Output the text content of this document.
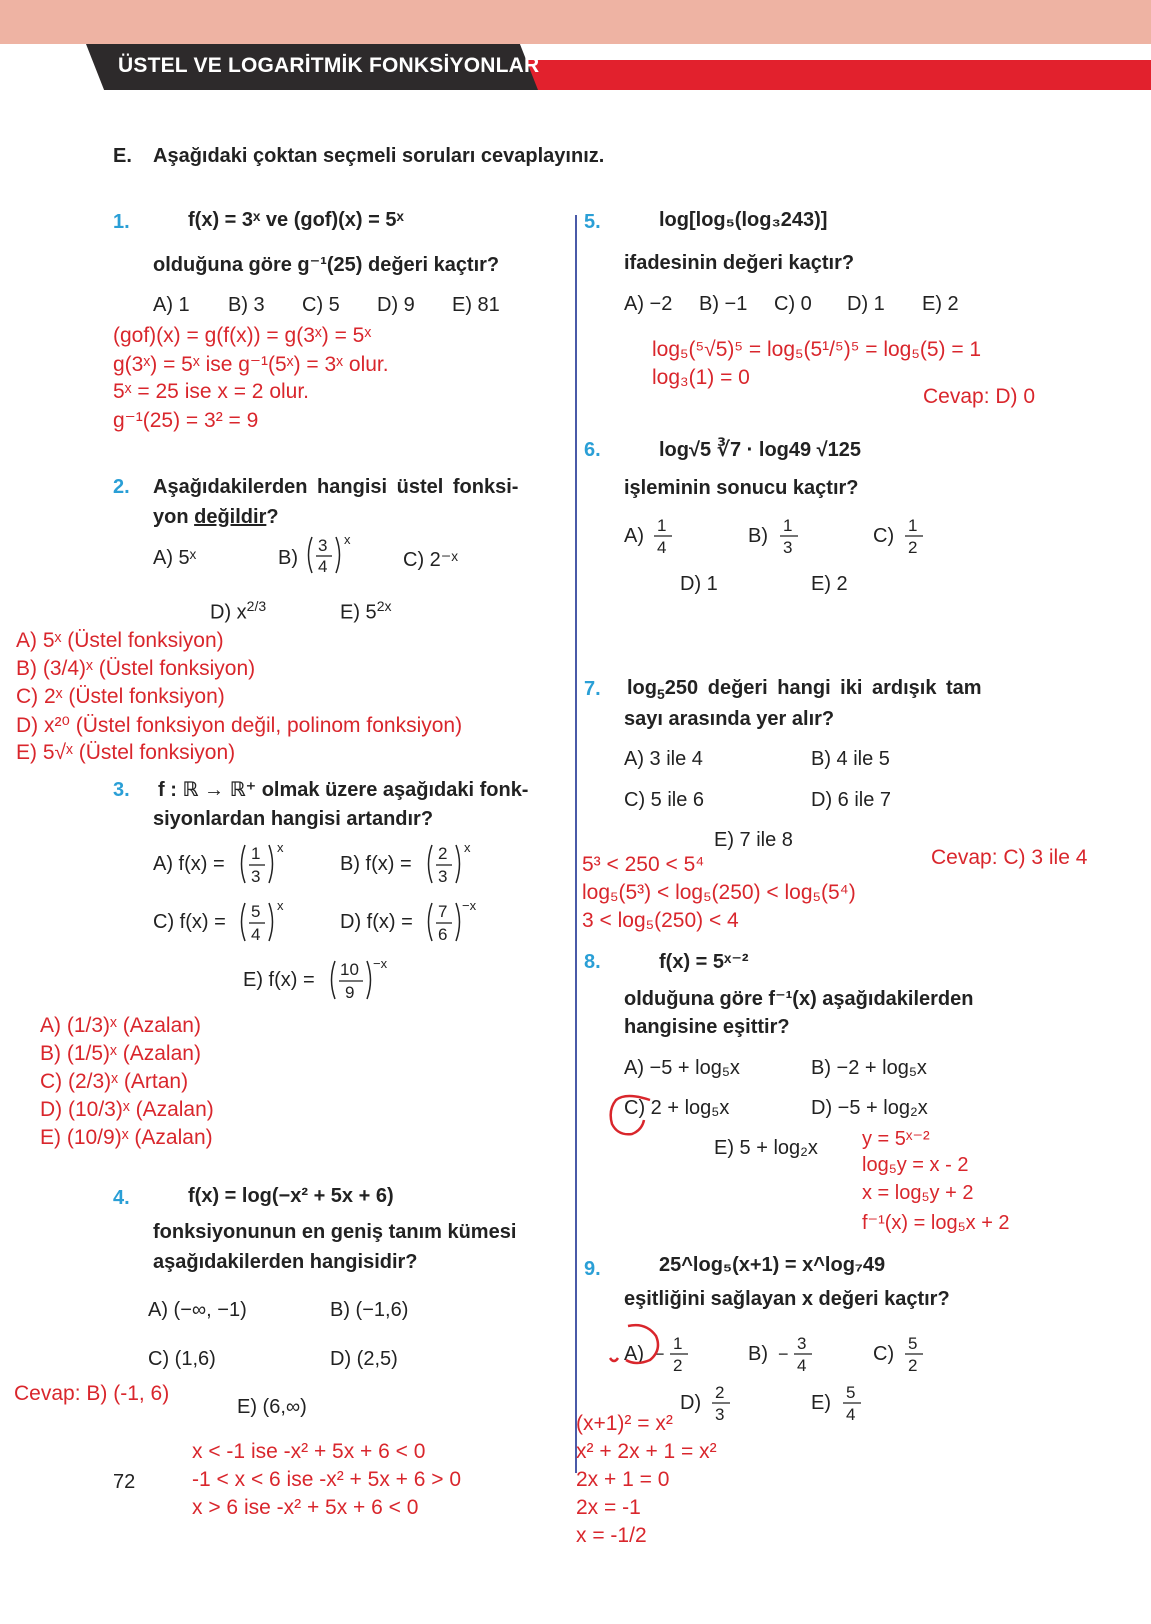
ÜSTEL VE LOGARİTMİK FONKSİYONLAR
E. Aşağıdaki çoktan seçmeli soruları cevaplayınız.
1.	f(x) = 3ˣ ve (gof)(x) = 5ˣ
olduğuna göre g⁻¹(25) değeri kaçtır?
A) 1 B) 3 C) 5 D) 9 E) 81
(gof)(x) = g(f(x)) = g(3ˣ) = 5ˣ
g(3ˣ) = 5ˣ ise g⁻¹(5ˣ) = 3ˣ olur.
5ˣ = 25 ise x = 2 olur.
g⁻¹(25) = 3² = 9
2. Aşağıdakilerden hangisi üstel fonksi-
yon değildir?
A) 5ˣ	B)
3
4
x
C) 2⁻ˣ
D) $x^{2/3}$	E) $5^{2x}$
A) 5ˣ (Üstel fonksiyon)
B) (3/4)ˣ (Üstel fonksiyon)
C) 2ˣ (Üstel fonksiyon)
D) x²⁰ (Üstel fonksiyon değil, polinom fonksiyon)
E) 5√ˣ (Üstel fonksiyon)
3. f : ℝ → ℝ⁺ olmak üzere aşağıdaki fonk-
siyonlardan hangisi artandır?
A) f(x) = 1
3
x
B) f(x) = 2
3
x
C) f(x) = 5
4
x
D) f(x) = 7
6
−x
E) f(x) = 10
9
−x
A) (1/3)ˣ (Azalan)
B) (1/5)ˣ (Azalan)
C) (2/3)ˣ (Artan)
D) (10/3)ˣ (Azalan)
E) (10/9)ˣ (Azalan)
4.	f(x) = log(−x² + 5x + 6)
fonksiyonunun en geniş tanım kümesi
aşağıdakilerden hangisidir?
A) (−∞, −1)	B) (−1,6)
C) (1,6)	D) (2,5)
E) (6,∞)
Cevap: B) (-1, 6)
x < -1 ise -x² + 5x + 6 < 0
-1 < x < 6 ise -x² + 5x + 6 > 0
x > 6 ise -x² + 5x + 6 < 0
72
5.	log[log₅(log₃243)]
ifadesinin değeri kaçtır?
A) −2 B) −1 C) 0 D) 1 E) 2
log₅(⁵√5)⁵ = log₅(5¹/⁵)⁵ = log₅(5) = 1
log₃(1) = 0
Cevap: D) 0
6.	log√5 ∛7 · log49 √125
işleminin sonucu kaçtır?
A) 1
4
B) 1
3
C) 1
2
D) 1	E) 2
7. $\log_5250$ değeri hangi iki ardışık tam
sayı arasında yer alır?
A) 3 ile 4	B) 4 ile 5
C) 5 ile 6	D) 6 ile 7
E) 7 ile 8
5³ < 250 < 5⁴
log₅(5³) < log₅(250) < log₅(5⁴)
3 < log₅(250) < 4
Cevap: C) 3 ile 4
8.	f(x) = 5ˣ⁻²
olduğuna göre f⁻¹(x) aşağıdakilerden
hangisine eşittir?
A) −5 + log₅x	B) −2 + log₅x
C) 2 + log₅x	D) −5 + log₂x
E) 5 + log₂x y = 5ˣ⁻²
log₅y = x - 2
x = log₅y + 2
f⁻¹(x) = log₅x + 2
9.	25^log₅(x+1) = x^log₇49
eşitliğini sağlayan x değeri kaçtır?
A) −
1
2
B) −
3
4
C) 5
2
D) 2
3
E) 5
4
(x+1)² = x²
x² + 2x + 1 = x²
2x + 1 = 0
2x = -1
x = -1/2
